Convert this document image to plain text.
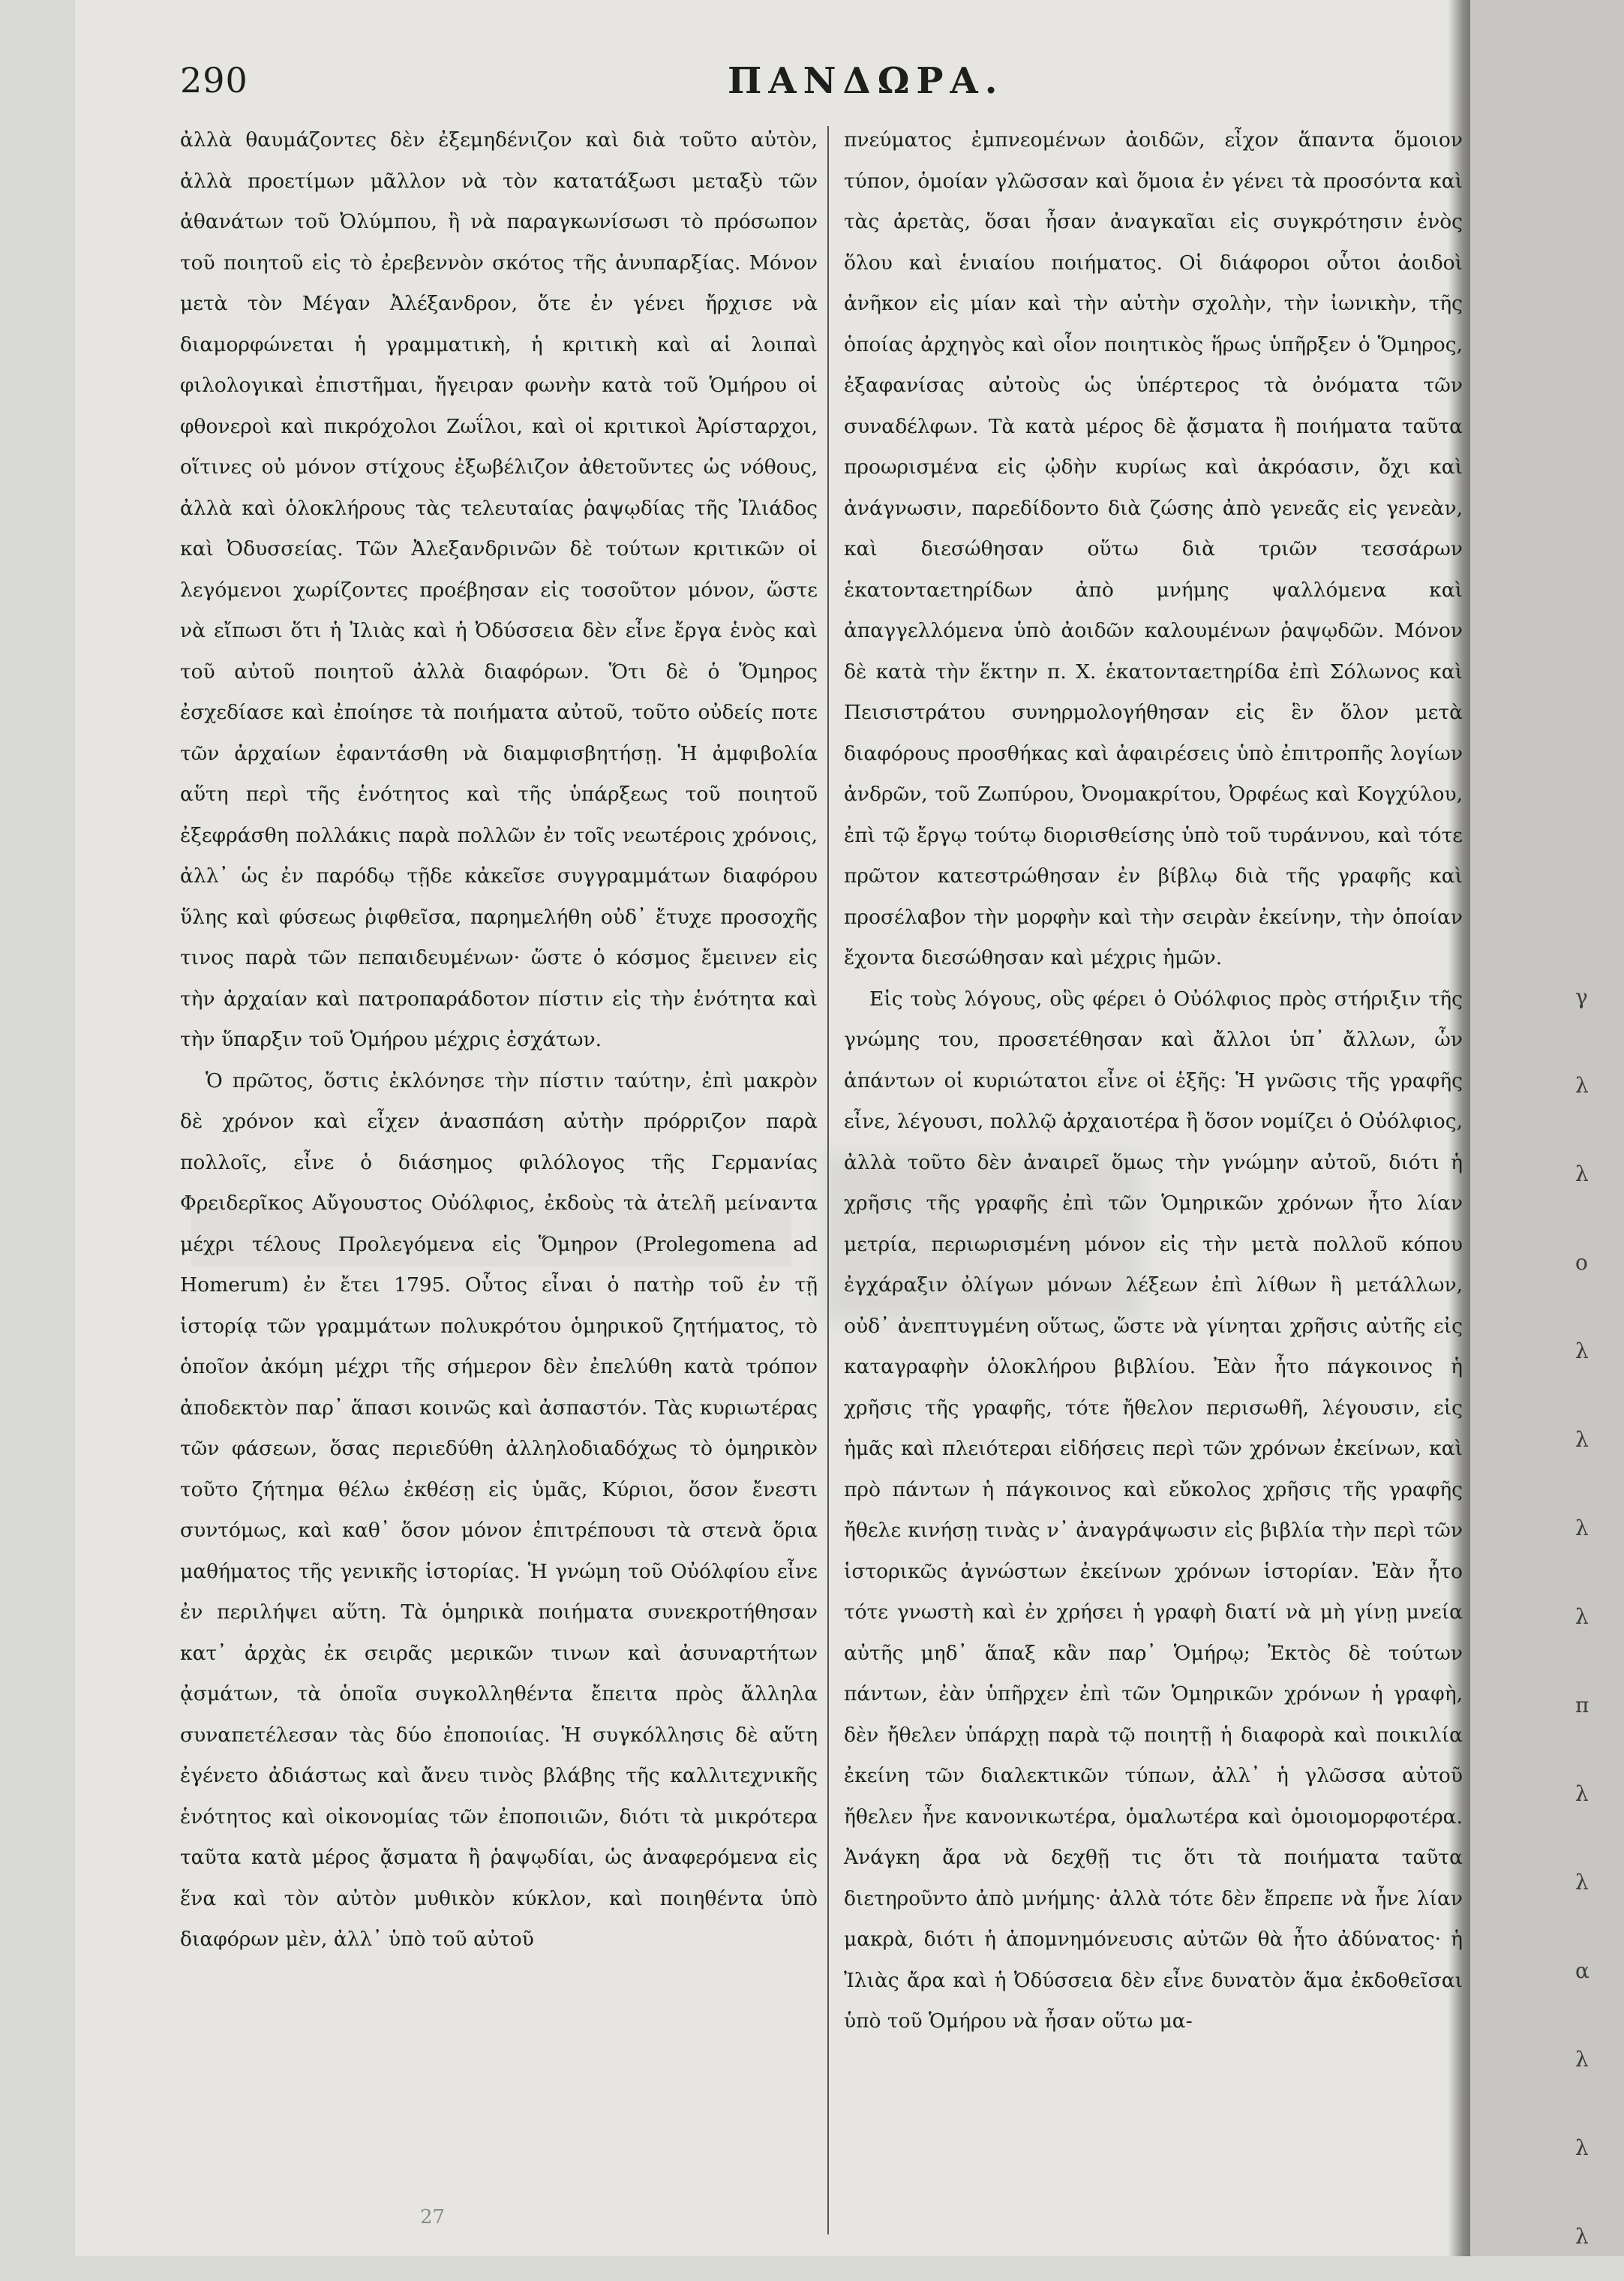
290	ΠΑΝΔΩΡΑ.

ἀλλὰ θαυμάζοντες δὲν ἐξεμηδένιζον καὶ διὰ τοῦτο αὐτὸν, ἀλλὰ προετίμων μᾶλλον νὰ τὸν κατατάξωσι μεταξὺ τῶν ἀθανάτων τοῦ Ὀλύμπου, ἢ νὰ παραγκωνίσωσι τὸ πρόσωπον τοῦ ποιητοῦ εἰς τὸ ἐρεβεννὸν σκότος τῆς ἀνυπαρξίας. Μόνον μετὰ τὸν Μέγαν Ἀλέξανδρον, ὅτε ἐν γένει ἤρχισε νὰ διαμορφώνεται ἡ γραμματικὴ, ἡ κριτικὴ καὶ αἱ λοιπαὶ φιλολογικαὶ ἐπιστῆμαι, ἤγειραν φωνὴν κατὰ τοῦ Ὁμήρου οἱ φθονεροὶ καὶ πικρόχολοι Ζωΐλοι, καὶ οἱ κριτικοὶ Ἀρίσταρχοι, οἵτινες οὐ μόνον στίχους ἐξωβέλιζον ἀθετοῦντες ὡς νόθους, ἀλλὰ καὶ ὁλοκλήρους τὰς τελευταίας ῥαψῳδίας τῆς Ἰλιάδος καὶ Ὀδυσσείας. Τῶν Ἀλεξανδρινῶν δὲ τούτων κριτικῶν οἱ λεγόμενοι χωρίζοντες προέβησαν εἰς τοσοῦτον μόνον, ὥστε νὰ εἴπωσι ὅτι ἡ Ἰλιὰς καὶ ἡ Ὀδύσσεια δὲν εἶνε ἔργα ἑνὸς καὶ τοῦ αὐτοῦ ποιητοῦ ἀλλὰ διαφόρων. Ὅτι δὲ ὁ Ὅμηρος ἐσχεδίασε καὶ ἐποίησε τὰ ποιήματα αὐτοῦ, τοῦτο οὐδείς ποτε τῶν ἀρχαίων ἐφαντάσθη νὰ διαμφισβητήσῃ. Ἡ ἀμφιβολία αὕτη περὶ τῆς ἑνότητος καὶ τῆς ὑπάρξεως τοῦ ποιητοῦ ἐξεφράσθη πολλάκις παρὰ πολλῶν ἐν τοῖς νεωτέροις χρόνοις, ἀλλ᾽ ὡς ἐν παρόδῳ τῇδε κἀκεῖσε συγγραμμάτων διαφόρου ὕλης καὶ φύσεως ῥιφθεῖσα, παρημελήθη οὐδ᾽ ἔτυχε προσοχῆς τινος παρὰ τῶν πεπαιδευμένων· ὥστε ὁ κόσμος ἔμεινεν εἰς τὴν ἀρχαίαν καὶ πατροπαράδοτον πίστιν εἰς τὴν ἑνότητα καὶ τὴν ὕπαρξιν τοῦ Ὁμήρου μέχρις ἐσχάτων.

Ὁ πρῶτος, ὅστις ἐκλόνησε τὴν πίστιν ταύτην, ἐπὶ μακρὸν δὲ χρόνον καὶ εἶχεν ἀνασπάση αὐτὴν πρόρριζον παρὰ πολλοῖς, εἶνε ὁ διάσημος φιλόλογος τῆς Γερμανίας Φρειδερῖκος Αὔγουστος Οὐόλφιος, ἐκδοὺς τὰ ἀτελῆ μείναντα μέχρι τέλους Προλεγόμενα εἰς Ὅμηρον (Prolegomena ad Homerum) ἐν ἔτει 1795. Οὗτος εἶναι ὁ πατὴρ τοῦ ἐν τῇ ἱστορίᾳ τῶν γραμμάτων πολυκρότου ὁμηρικοῦ ζητήματος, τὸ ὁποῖον ἀκόμη μέχρι τῆς σήμερον δὲν ἐπελύθη κατὰ τρόπον ἀποδεκτὸν παρ᾽ ἅπασι κοινῶς καὶ ἀσπαστόν. Τὰς κυριωτέρας τῶν φάσεων, ὅσας περιεδύθη ἀλληλοδιαδόχως τὸ ὁμηρικὸν τοῦτο ζήτημα θέλω ἐκθέσῃ εἰς ὑμᾶς, Κύριοι, ὅσον ἔνεστι συντόμως, καὶ καθ᾽ ὅσον μόνον ἐπιτρέπουσι τὰ στενὰ ὅρια μαθήματος τῆς γενικῆς ἱστορίας. Ἡ γνώμη τοῦ Οὐόλφίου εἶνε ἐν περιλήψει αὕτη. Τὰ ὁμηρικὰ ποιήματα συνεκροτήθησαν κατ᾽ ἀρχὰς ἐκ σειρᾶς μερικῶν τινων καὶ ἀσυναρτήτων ᾀσμάτων, τὰ ὁποῖα συγκολληθέντα ἔπειτα πρὸς ἄλληλα συναπετέλεσαν τὰς δύο ἐποποιίας. Ἡ συγκόλλησις δὲ αὕτη ἐγένετο ἀδιάστως καὶ ἄνευ τινὸς βλάβης τῆς καλλιτεχνικῆς ἑνότητος καὶ οἰκονομίας τῶν ἐποποιιῶν, διότι τὰ μικρότερα ταῦτα κατὰ μέρος ᾄσματα ἢ ῥαψῳδίαι, ὡς ἀναφερόμενα εἰς ἕνα καὶ τὸν αὐτὸν μυθικὸν κύκλον, καὶ ποιηθέντα ὑπὸ διαφόρων μὲν, ἀλλ᾽ ὑπὸ τοῦ αὐτοῦ

πνεύματος ἐμπνεομένων ἀοιδῶν, εἶχον ἅπαντα ὅμοιον τύπον, ὁμοίαν γλῶσσαν καὶ ὅμοια ἐν γένει τὰ προσόντα καὶ τὰς ἀρετὰς, ὅσαι ἦσαν ἀναγκαῖαι εἰς συγκρότησιν ἑνὸς ὅλου καὶ ἑνιαίου ποιήματος. Οἱ διάφοροι οὗτοι ἀοιδοὶ ἀνῆκον εἰς μίαν καὶ τὴν αὐτὴν σχολὴν, τὴν ἰωνικὴν, τῆς ὁποίας ἀρχηγὸς καὶ οἷον ποιητικὸς ἥρως ὑπῆρξεν ὁ Ὅμηρος, ἐξαφανίσας αὐτοὺς ὡς ὑπέρτερος τὰ ὀνόματα τῶν συναδέλφων. Τὰ κατὰ μέρος δὲ ᾄσματα ἢ ποιήματα ταῦτα προωρισμένα εἰς ᾠδὴν κυρίως καὶ ἀκρόασιν, ὄχι καὶ ἀνάγνωσιν, παρεδίδοντο διὰ ζώσης ἀπὸ γενεᾶς εἰς γενεὰν, καὶ διεσώθησαν οὕτω διὰ τριῶν τεσσάρων ἑκατονταετηρίδων ἀπὸ μνήμης ψαλλόμενα καὶ ἀπαγγελλόμενα ὑπὸ ἀοιδῶν καλουμένων ῥαψῳδῶν. Μόνον δὲ κατὰ τὴν ἕκτην π. Χ. ἑκατονταετηρίδα ἐπὶ Σόλωνος καὶ Πεισιστράτου συνηρμολογήθησαν εἰς ἓν ὅλον μετὰ διαφόρους προσθήκας καὶ ἀφαιρέσεις ὑπὸ ἐπιτροπῆς λογίων ἀνδρῶν, τοῦ Ζωπύρου, Ὀνομακρίτου, Ὀρφέως καὶ Κογχύλου, ἐπὶ τῷ ἔργῳ τούτῳ διορισθείσης ὑπὸ τοῦ τυράννου, καὶ τότε πρῶτον κατεστρώθησαν ἐν βίβλῳ διὰ τῆς γραφῆς καὶ προσέλαβον τὴν μορφὴν καὶ τὴν σειρὰν ἐκείνην, τὴν ὁποίαν ἔχοντα διεσώθησαν καὶ μέχρις ἡμῶν.

Εἰς τοὺς λόγους, οὓς φέρει ὁ Οὐόλφιος πρὸς στήριξιν τῆς γνώμης του, προσετέθησαν καὶ ἄλλοι ὑπ᾽ ἄλλων, ὧν ἁπάντων οἱ κυριώτατοι εἶνε οἱ ἑξῆς: Ἡ γνῶσις τῆς γραφῆς εἶνε, λέγουσι, πολλῷ ἀρχαιοτέρα ἢ ὅσον νομίζει ὁ Οὐόλφιος, ἀλλὰ τοῦτο δὲν ἀναιρεῖ ὅμως τὴν γνώμην αὐτοῦ, διότι ἡ χρῆσις τῆς γραφῆς ἐπὶ τῶν Ὁμηρικῶν χρόνων ἦτο λίαν μετρία, περιωρισμένη μόνον εἰς τὴν μετὰ πολλοῦ κόπου ἐγχάραξιν ὀλίγων μόνων λέξεων ἐπὶ λίθων ἢ μετάλλων, οὐδ᾽ ἀνεπτυγμένη οὕτως, ὥστε νὰ γίνηται χρῆσις αὐτῆς εἰς καταγραφὴν ὁλοκλήρου βιβλίου. Ἐὰν ἦτο πάγκοινος ἡ χρῆσις τῆς γραφῆς, τότε ἤθελον περισωθῆ, λέγουσιν, εἰς ἡμᾶς καὶ πλειότεραι εἰδήσεις περὶ τῶν χρόνων ἐκείνων, καὶ πρὸ πάντων ἡ πάγκοινος καὶ εὔκολος χρῆσις τῆς γραφῆς ἤθελε κινήσῃ τινὰς ν᾽ ἀναγράψωσιν εἰς βιβλία τὴν περὶ τῶν ἱστορικῶς ἀγνώστων ἐκείνων χρόνων ἱστορίαν. Ἐὰν ἦτο τότε γνωστὴ καὶ ἐν χρήσει ἡ γραφὴ διατί νὰ μὴ γίνῃ μνεία αὐτῆς μηδ᾽ ἅπαξ κἂν παρ᾽ Ὁμήρῳ; Ἐκτὸς δὲ τούτων πάντων, ἐὰν ὑπῆρχεν ἐπὶ τῶν Ὁμηρικῶν χρόνων ἡ γραφὴ, δὲν ἤθελεν ὑπάρχῃ παρὰ τῷ ποιητῇ ἡ διαφορὰ καὶ ποικιλία ἐκείνη τῶν διαλεκτικῶν τύπων, ἀλλ᾽ ἡ γλῶσσα αὐτοῦ ἤθελεν ἦνε κανονικωτέρα, ὁμαλωτέρα καὶ ὁμοιομορφοτέρα. Ἀνάγκη ἄρα νὰ δεχθῇ τις ὅτι τὰ ποιήματα ταῦτα διετηροῦντο ἀπὸ μνήμης· ἀλλὰ τότε δὲν ἔπρεπε νὰ ἦνε λίαν μακρὰ, διότι ἡ ἀπομνημόνευσις αὐτῶν θὰ ἦτο ἀδύνατος· ἡ Ἰλιὰς ἄρα καὶ ἡ Ὀδύσσεια δὲν εἶνε δυνατὸν ἅμα ἐκδοθεῖσαι ὑπὸ τοῦ Ὁμήρου νὰ ἦσαν οὕτω μα-

γ
λ
λ
ο
λ
λ
λ
λ
π
λ
λ
α
λ
λ
λ
27
